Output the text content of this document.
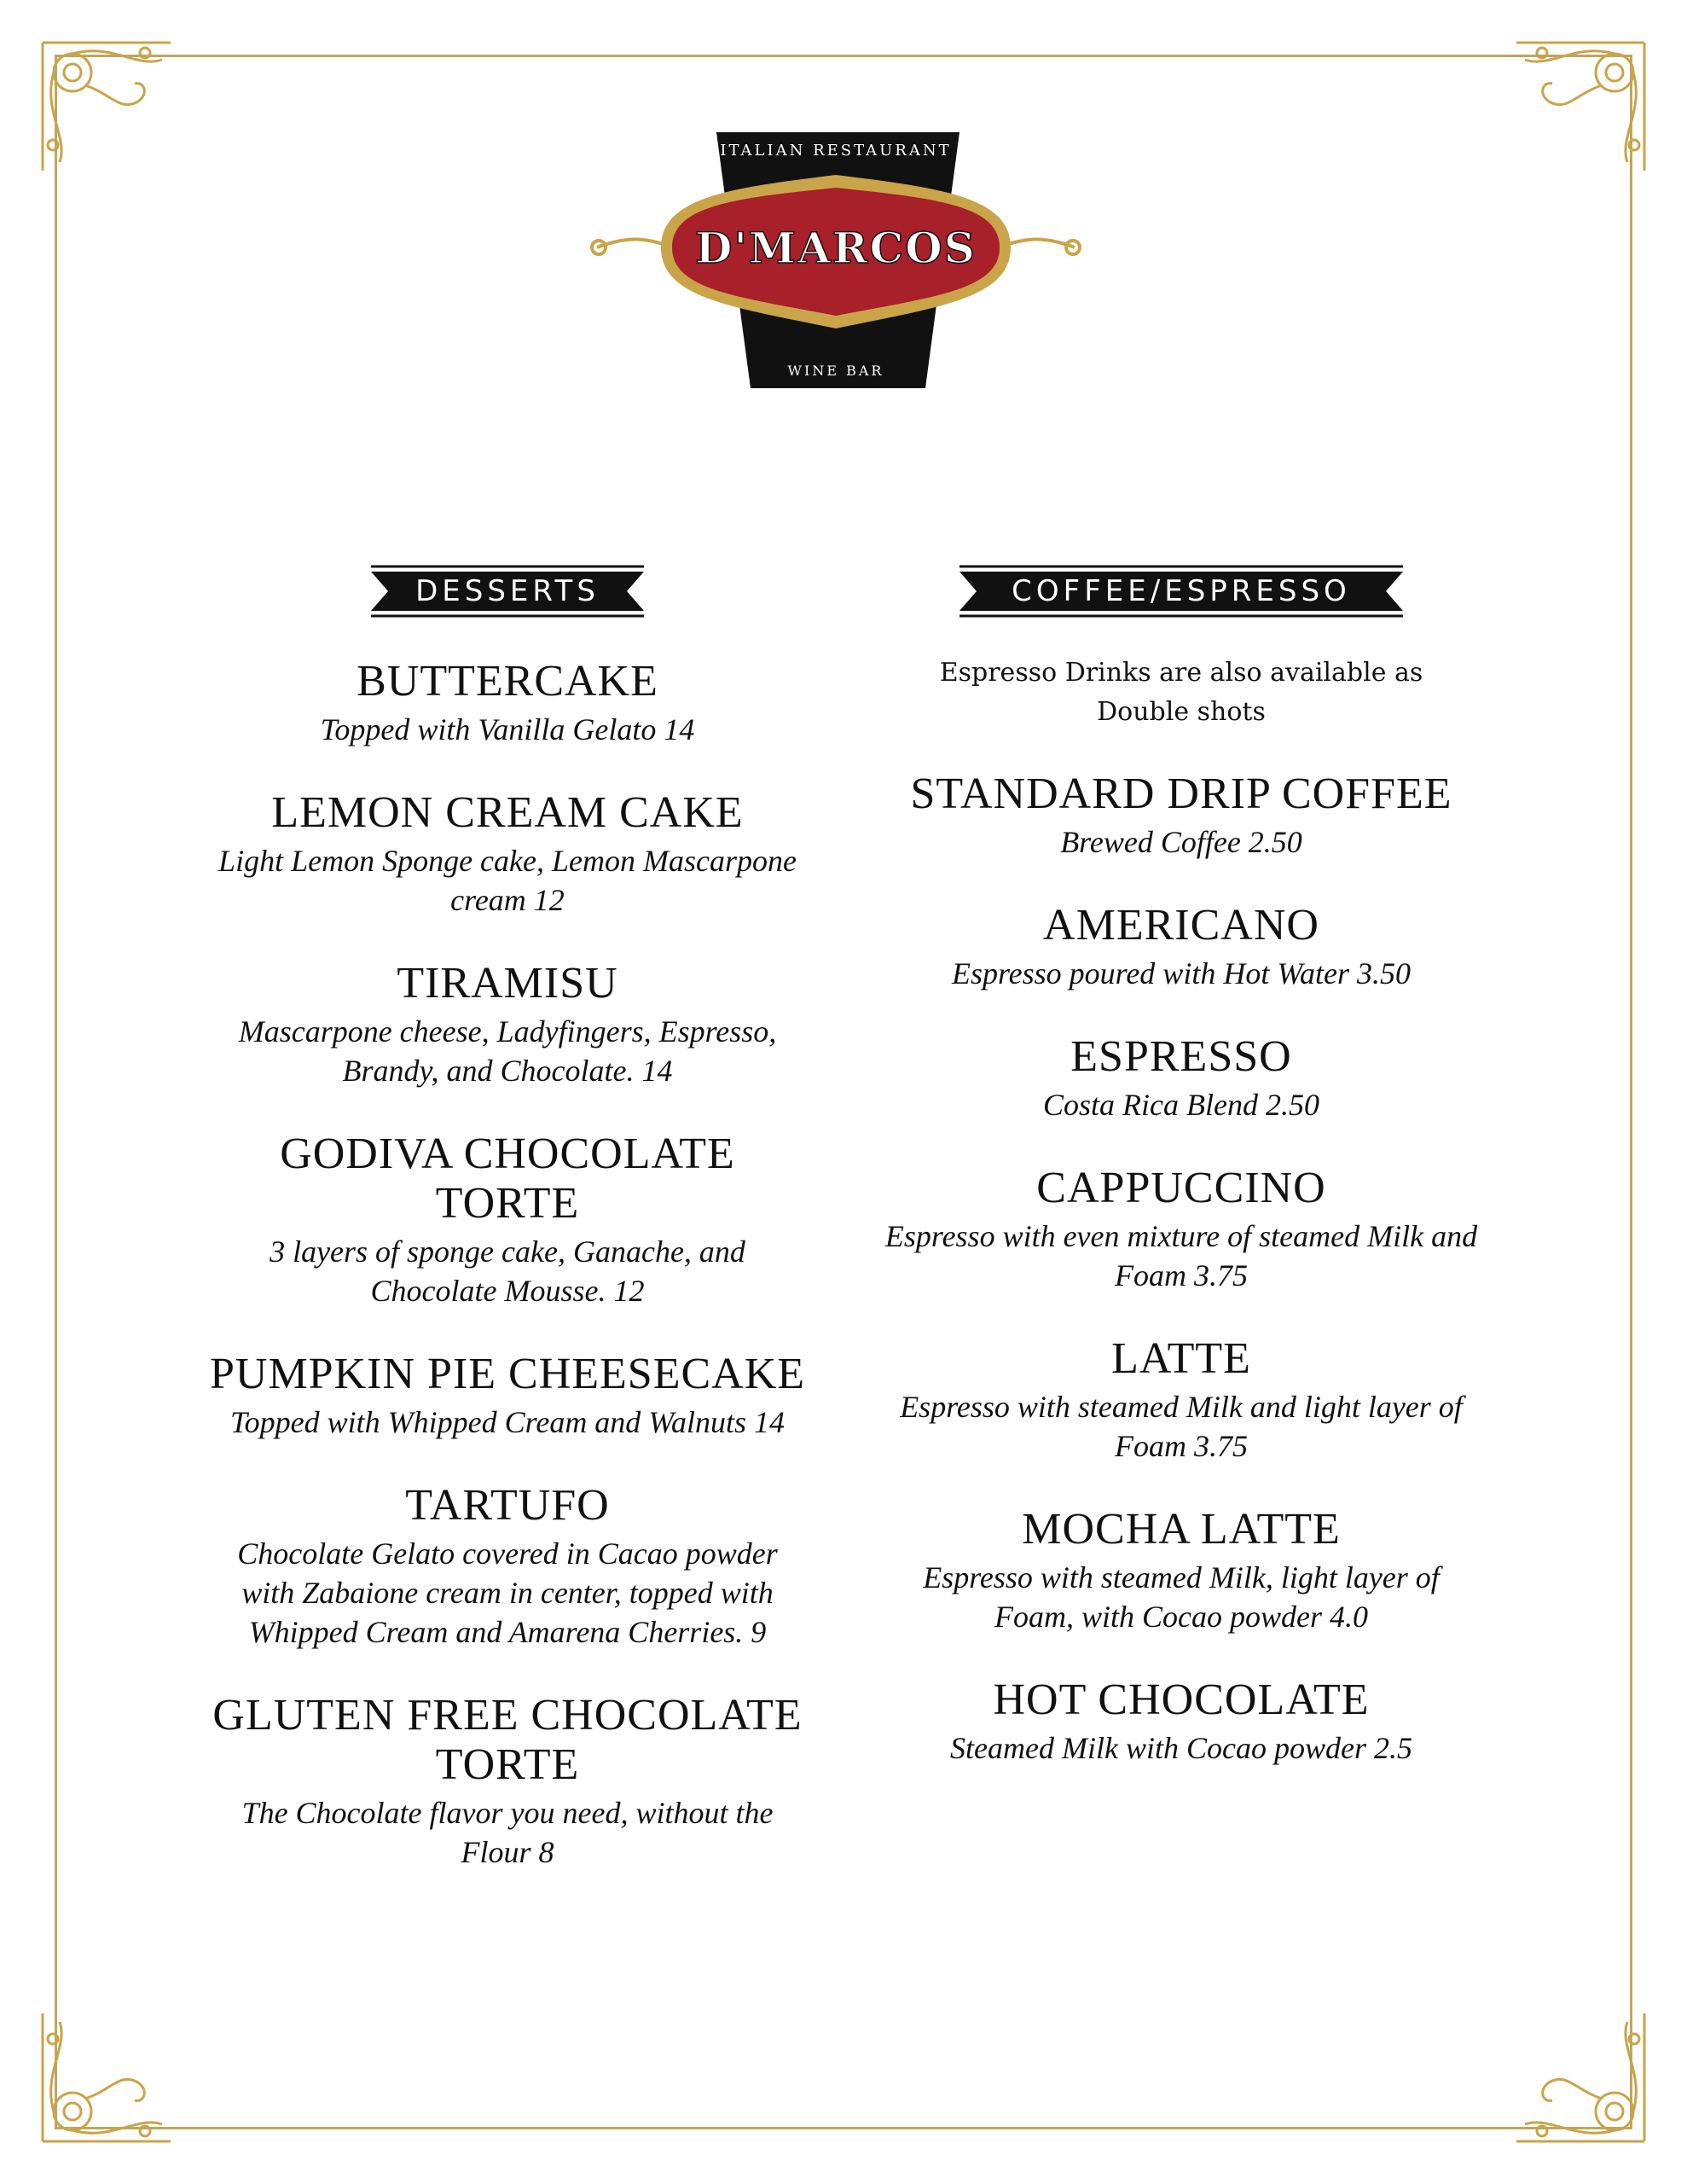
ITALIAN RESTAURANT
D'MARCOS
WINE BAR
DESSERTS
BUTTERCAKE
Topped with Vanilla Gelato 14
LEMON CREAM CAKE
Light Lemon Sponge cake, Lemon Mascarpone cream 12
TIRAMISU
Mascarpone cheese, Ladyfingers, Espresso, Brandy, and Chocolate. 14
GODIVA CHOCOLATE TORTE
3 layers of sponge cake, Ganache, and Chocolate Mousse. 12
PUMPKIN PIE CHEESECAKE
Topped with Whipped Cream and Walnuts 14
TARTUFO
Chocolate Gelato covered in Cacao powder with Zabaione cream in center, topped with Whipped Cream and Amarena Cherries. 9
GLUTEN FREE CHOCOLATE TORTE
The Chocolate flavor you need, without the Flour 8
COFFEE/ESPRESSO
Espresso Drinks are also available as Double shots
STANDARD DRIP COFFEE
Brewed Coffee 2.50
AMERICANO
Espresso poured with Hot Water 3.50
ESPRESSO
Costa Rica Blend 2.50
CAPPUCCINO
Espresso with even mixture of steamed Milk and Foam 3.75
LATTE
Espresso with steamed Milk and light layer of Foam 3.75
MOCHA LATTE
Espresso with steamed Milk, light layer of Foam, with Cocao powder 4.0
HOT CHOCOLATE
Steamed Milk with Cocao powder 2.5
